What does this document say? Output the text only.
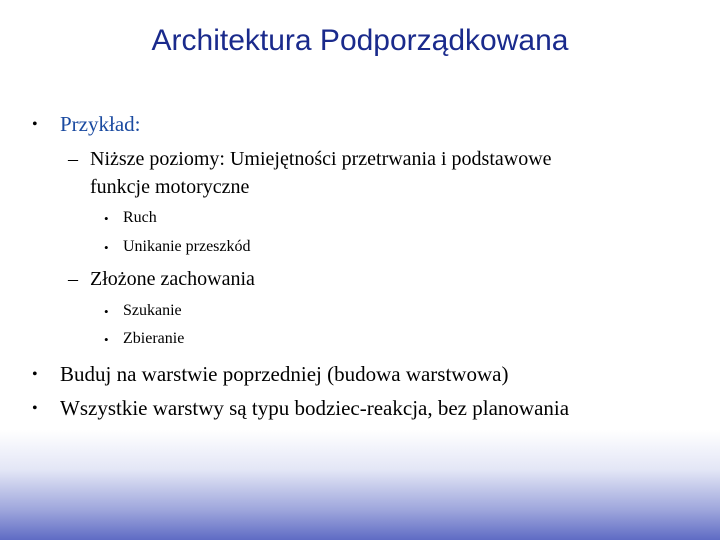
Architektura Podporządkowana
• Przykład:
– Niższe poziomy: Umiejętności przetrwania i podstawowe
funkcje motoryczne
• Ruch
• Unikanie przeszkód
– Złożone zachowania
• Szukanie
• Zbieranie
• Buduj na warstwie poprzedniej (budowa warstwowa)
• Wszystkie warstwy są typu bodziec-reakcja, bez planowania
